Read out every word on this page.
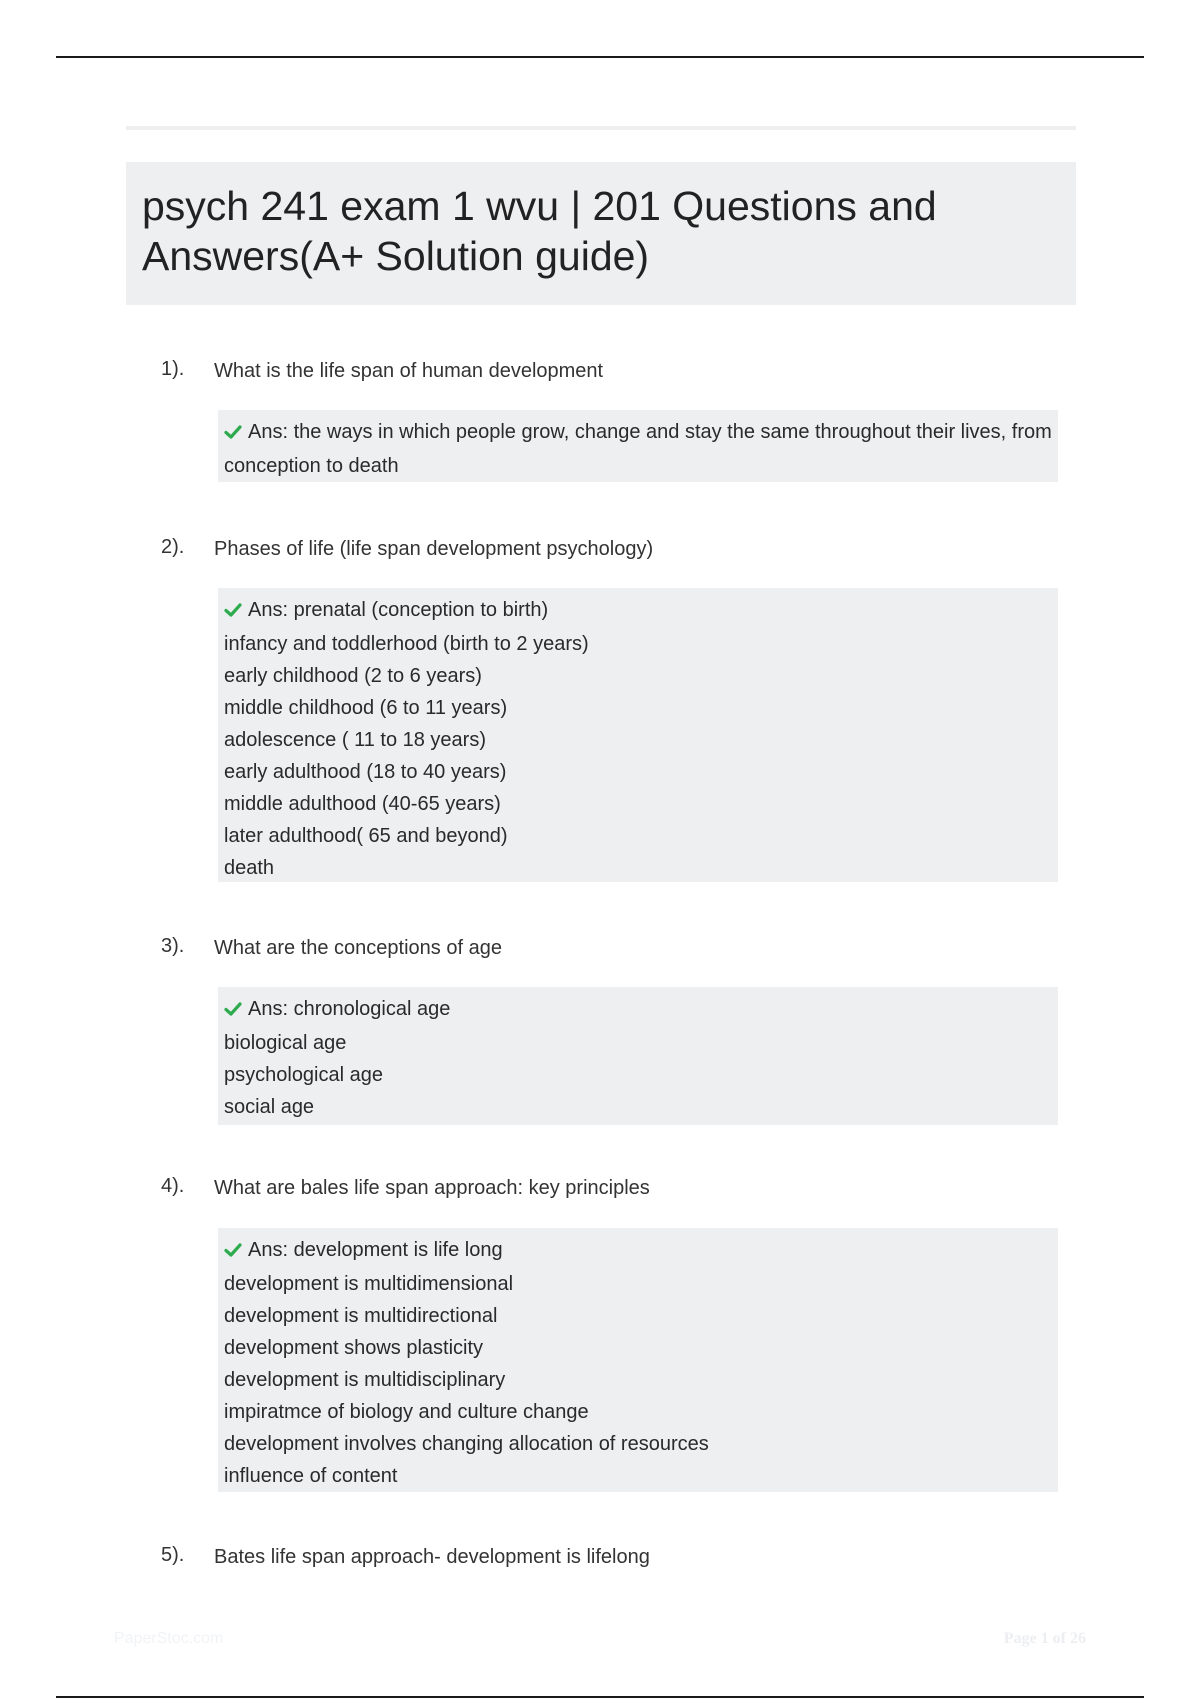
psych 241 exam 1 wvu | 201 Questions and Answers(A+ Solution guide)
1). What is the life span of human development
Ans: the ways in which people grow, change and stay the same throughout their lives, from conception to death
2). Phases of life (life span development psychology)
Ans: prenatal (conception to birth)
infancy and toddlerhood (birth to 2 years)
early childhood (2 to 6 years)
middle childhood (6 to 11 years)
adolescence ( 11 to 18 years)
early adulthood (18 to 40 years)
middle adulthood (40-65 years)
later adulthood( 65 and beyond)
death
3). What are the conceptions of age
Ans: chronological age
biological age
psychological age
social age
4). What are bales life span approach: key principles
Ans: development is life long
development is multidimensional
development is multidirectional
development shows plasticity
development is multidisciplinary
impiratmce of biology and culture change
development involves changing allocation of resources
influence of content
5). Bates life span approach- development is lifelong
PaperStoc.com	Page 1 of 26
